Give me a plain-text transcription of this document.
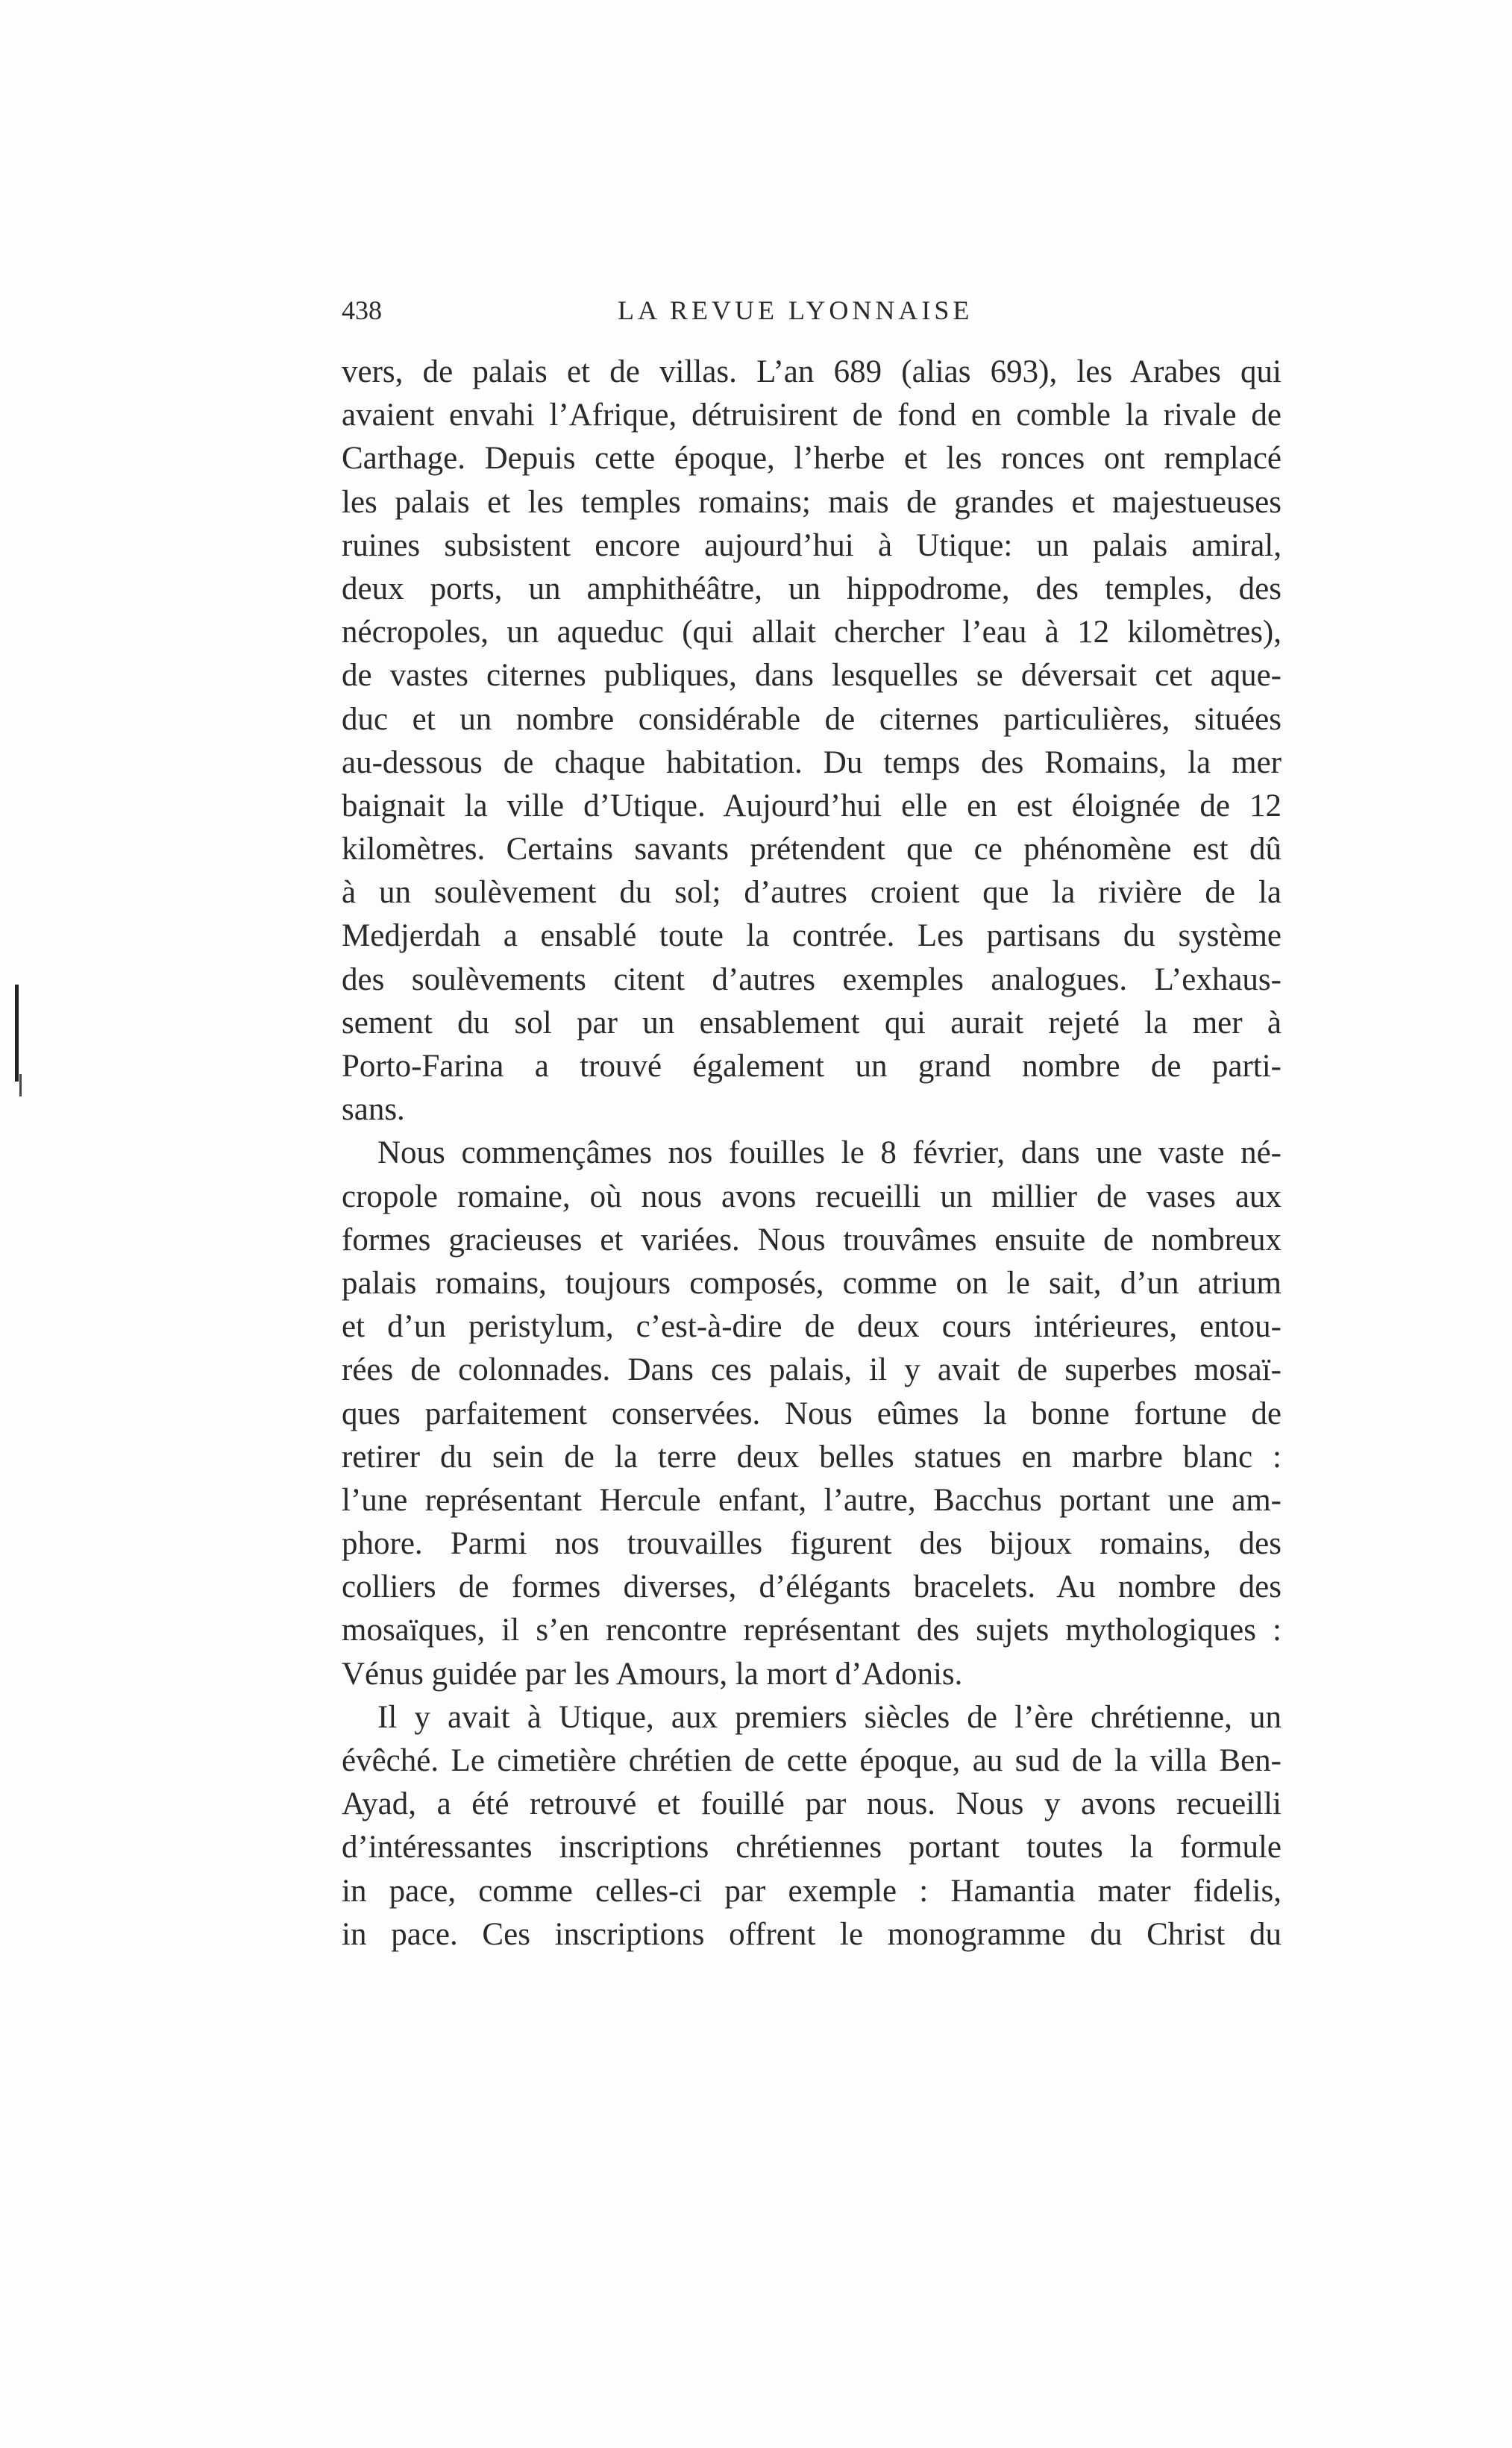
438	LA REVUE LYONNAISE
vers, de palais et de villas. L’an 689 (alias 693), les Arabes qui
avaient envahi l’Afrique, détruisirent de fond en comble la rivale de
Carthage. Depuis cette époque, l’herbe et les ronces ont remplacé
les palais et les temples romains; mais de grandes et majestueuses
ruines subsistent encore aujourd’hui à Utique: un palais amiral,
deux ports, un amphithéâtre, un hippodrome, des temples, des
nécropoles, un aqueduc (qui allait chercher l’eau à 12 kilomètres),
de vastes citernes publiques, dans lesquelles se déversait cet aque-
duc et un nombre considérable de citernes particulières, situées
au-dessous de chaque habitation. Du temps des Romains, la mer
baignait la ville d’Utique. Aujourd’hui elle en est éloignée de 12
kilomètres. Certains savants prétendent que ce phénomène est dû
à un soulèvement du sol; d’autres croient que la rivière de la
Medjerdah a ensablé toute la contrée. Les partisans du système
des soulèvements citent d’autres exemples analogues. L’exhaus-
sement du sol par un ensablement qui aurait rejeté la mer à
Porto-Farina a trouvé également un grand nombre de parti-
sans.
Nous commençâmes nos fouilles le 8 février, dans une vaste né-
cropole romaine, où nous avons recueilli un millier de vases aux
formes gracieuses et variées. Nous trouvâmes ensuite de nombreux
palais romains, toujours composés, comme on le sait, d’un atrium
et d’un peristylum, c’est-à-dire de deux cours intérieures, entou-
rées de colonnades. Dans ces palais, il y avait de superbes mosaï-
ques parfaitement conservées. Nous eûmes la bonne fortune de
retirer du sein de la terre deux belles statues en marbre blanc :
l’une représentant Hercule enfant, l’autre, Bacchus portant une am-
phore. Parmi nos trouvailles figurent des bijoux romains, des
colliers de formes diverses, d’élégants bracelets. Au nombre des
mosaïques, il s’en rencontre représentant des sujets mythologiques :
Vénus guidée par les Amours, la mort d’Adonis.
Il y avait à Utique, aux premiers siècles de l’ère chrétienne, un
évêché. Le cimetière chrétien de cette époque, au sud de la villa Ben-
Ayad, a été retrouvé et fouillé par nous. Nous y avons recueilli
d’intéressantes inscriptions chrétiennes portant toutes la formule
in pace, comme celles-ci par exemple : Hamantia mater fidelis,
in pace. Ces inscriptions offrent le monogramme du Christ du
